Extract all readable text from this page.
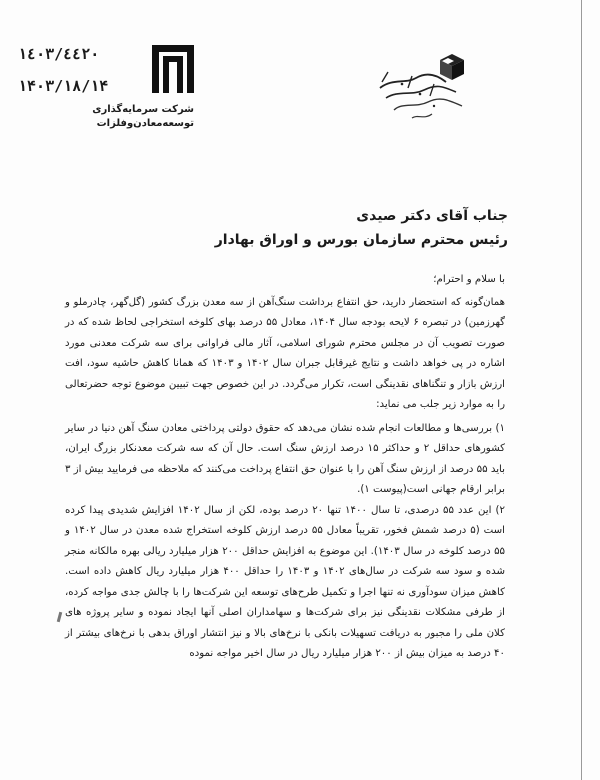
۱٤۰۳/٤٤۲۰
۱۴۰۳/۱۸/۱۴
شرکت سرمایه‌گذاری
توسعه‌معادن‌و‌فلزات
جناب آقای دکتر صیدی
رئیس محترم سازمان بورس و اوراق بهادار

با سلام و احترام؛

همان‌گونه که استحضار دارید، حق انتفاع برداشت سنگ‌آهن از سه معدن بزرگ کشور (گل‌گهر، چادرملو و گهرزمین) در تبصره ۶ لایحه بودجه سال ۱۴۰۴، معادل ۵۵ درصد بهای کلوخه استخراجی لحاظ شده که در صورت تصویب آن در مجلس محترم شورای اسلامی، آثار مالی فراوانی برای سه شرکت معدنی مورد اشاره در پی خواهد داشت و نتایج غیرقابل جبران سال ۱۴۰۲ و ۱۴۰۳ که همانا کاهش حاشیه سود، افت ارزش بازار و تنگناهای نقدینگی است، تکرار می‌گردد. در این خصوص جهت تبیین موضوع توجه حضرتعالی را به موارد زیر جلب می نماید:

۱) بررسی‌ها و مطالعات انجام شده نشان می‌دهد که حقوق دولتی پرداختی معادن سنگ آهن دنیا در سایر کشورهای حداقل ۲ و حداکثر ۱۵ درصد ارزش سنگ است. حال آن که سه شرکت معدنکار بزرگ ایران، باید ۵۵ درصد از ارزش سنگ آهن را با عنوان حق انتفاع پرداخت می‌کنند که ملاحظه می فرمایید بیش از ۳ برابر ارقام جهانی است(پیوست ۱).

۲) این عدد ۵۵ درصدی، تا سال ۱۴۰۰ تنها ۲۰ درصد بوده، لکن از سال ۱۴۰۲ افزایش شدیدی پیدا کرده است (۵ درصد شمش فخور، تقریباً معادل ۵۵ درصد ارزش کلوخه استخراج شده معدن در سال ۱۴۰۲ و ۵۵ درصد کلوخه در سال ۱۴۰۳). این موضوع به افزایش حداقل ۲۰۰ هزار میلیارد ریالی بهره مالکانه منجر شده و سود سه شرکت در سال‌های ۱۴۰۲ و ۱۴۰۳ را حداقل ۴۰۰ هزار میلیارد ریال کاهش داده است. کاهش میزان سودآوری نه تنها اجرا و تکمیل طرح‌های توسعه این شرکت‌ها را با چالش جدی مواجه کرده، از طرفی مشکلات نقدینگی نیز برای شرکت‌ها و سهامداران اصلی آنها ایجاد نموده و سایر پروژه های کلان ملی را مجبور به دریافت تسهیلات بانکی با نرخ‌های بالا و نیز انتشار اوراق بدهی با نرخ‌های بیشتر از ۴۰ درصد به میزان بیش از ۲۰۰ هزار میلیارد ریال در سال اخیر مواجه نموده
